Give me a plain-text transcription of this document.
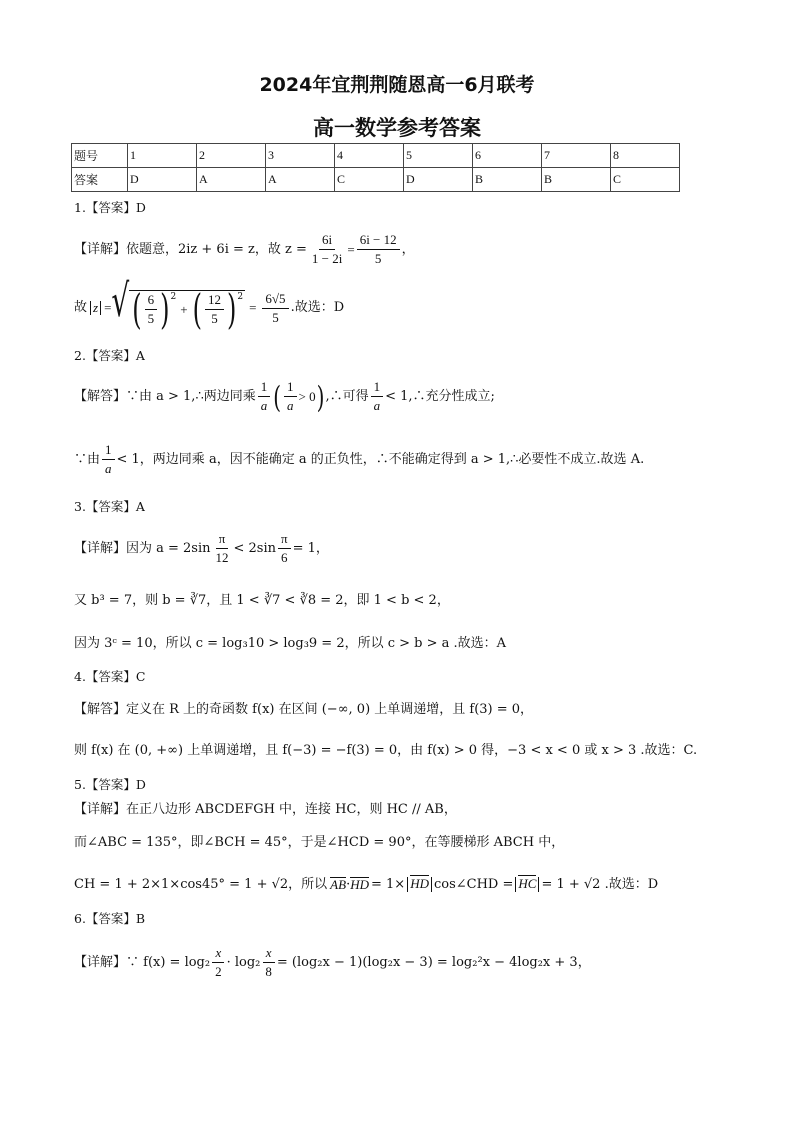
2024年宜荆荆随恩高一6月联考
高一数学参考答案
题号	1	2	3	4	5	6	7	8
答案	D	A	A	C	D	B	B	C
1.【答案】D
【详解】依题意，2iz + 6i = z，故 $z = \frac{6i}{1 - 2i} = \frac{6i - 12}{5}$ ，
故 z = √ ( $\frac{6}{5} )^2$
+ ( $\frac{12}{5} )^2$
= $\frac{6√5}{5}$ .故选：D
2.【答案】A
【解答】∵由 a > 1,∴两边同乘 $\frac{1}{a}$ ( $\frac{1}{a} > 0$ ) ,∴可得 $\frac{1}{a}$ < 1,∴充分性成立;
∵由 $\frac{1}{a} < 1$，两边同乘 a，因不能确定 a 的正负性，∴不能确定得到 a > 1,∴必要性不成立.故选 A.
3.【答案】A
【详解】因为 $a = 2\sin \frac{\pi}{12} < 2\sin \frac{\pi}{6} = 1$，
又 b³ = 7，则 b = ∛7，且 1 < ∛7 < ∛8 = 2，即 1 < b < 2，
因为 3ᶜ = 10，所以 c = log₃10 > log₃9 = 2，所以 c > b > a .故选：A
4.【答案】C
【解答】定义在 R 上的奇函数 f(x) 在区间 (−∞, 0) 上单调递增，且 f(3) = 0，
则 f(x) 在 (0, +∞) 上单调递增，且 f(−3) = −f(3) = 0，由 f(x) > 0 得，−3 < x < 0 或 x > 3 .故选：C.
5.【答案】D
【详解】在正八边形 ABCDEFGH 中，连接 HC，则 HC // AB，
而∠ABC = 135°，即∠BCH = 45°，于是∠HCD = 90°，在等腰梯形 ABCH 中，
CH = 1 + 2×1×cos45° = 1 + √2，所以 AB · HD = 1× HD cos∠CHD = HC = 1 + √2 .故选：D
6.【答案】B
【详解】∵ $f(x) = \log_2 \frac{x}{2} \cdot \log_2 \frac{x}{8} = (\log_2x - 1)(\log_2x - 3) = \log_2^2x - 4\log_2x + 3$，
